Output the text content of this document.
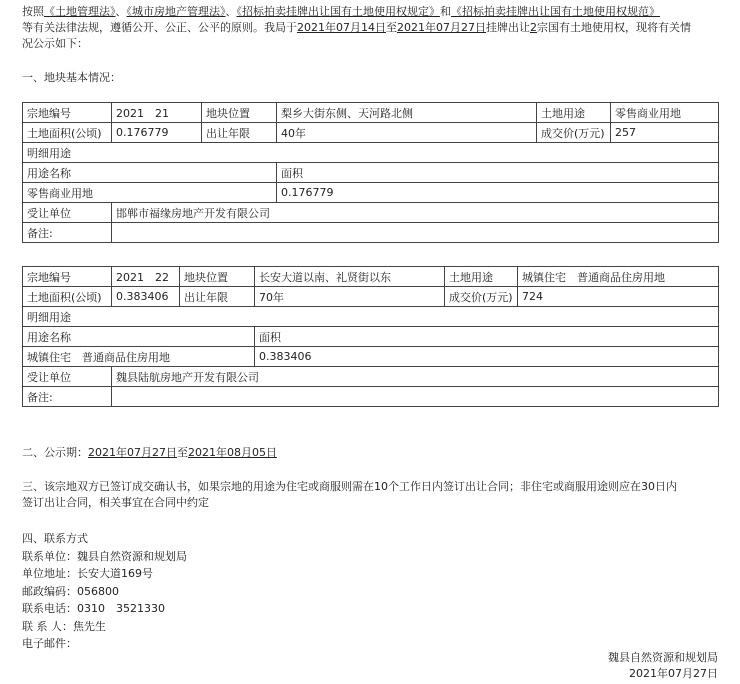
按照《土地管理法》、《城市房地产管理法》、《招标拍卖挂牌出让国有土地使用权规定》和《招标拍卖挂牌出让国有土地使用权规范》
等有关法律法规，遵循公开、公正、公平的原则。我局于2021年07月14日至2021年07月27日挂牌出让2宗国有土地使用权，现将有关情
况公示如下：
一、地块基本情况：
宗地编号	2021　21	地块位置	梨乡大街东侧、天河路北侧	土地用途	零售商业用地
土地面积(公顷)	0.176779	出让年限	40年	成交价(万元)	257
明细用途					
用途名称			面积		
零售商业用地			0.176779		
受让单位	邯郸市福缘房地产开发有限公司				
备注:					
宗地编号	2021　22	地块位置	长安大道以南、礼贤街以东	土地用途	城镇住宅　普通商品住房用地
土地面积(公顷)	0.383406	出让年限	70年	成交价(万元)	724
明细用途					
用途名称			面积		
城镇住宅　普通商品住房用地			0.383406		
受让单位	魏县陆航房地产开发有限公司				
备注:					
二、公示期：2021年07月27日至2021年08月05日
三、该宗地双方已签订成交确认书，如果宗地的用途为住宅或商服则需在10个工作日内签订出让合同；非住宅或商服用途则应在30日内
签订出让合同，相关事宜在合同中约定
四、联系方式
联系单位：魏县自然资源和规划局
单位地址：长安大道169号
邮政编码：056800
联系电话：0310　3521330
联 系 人：焦先生
电子邮件：
魏县自然资源和规划局
2021年07月27日
